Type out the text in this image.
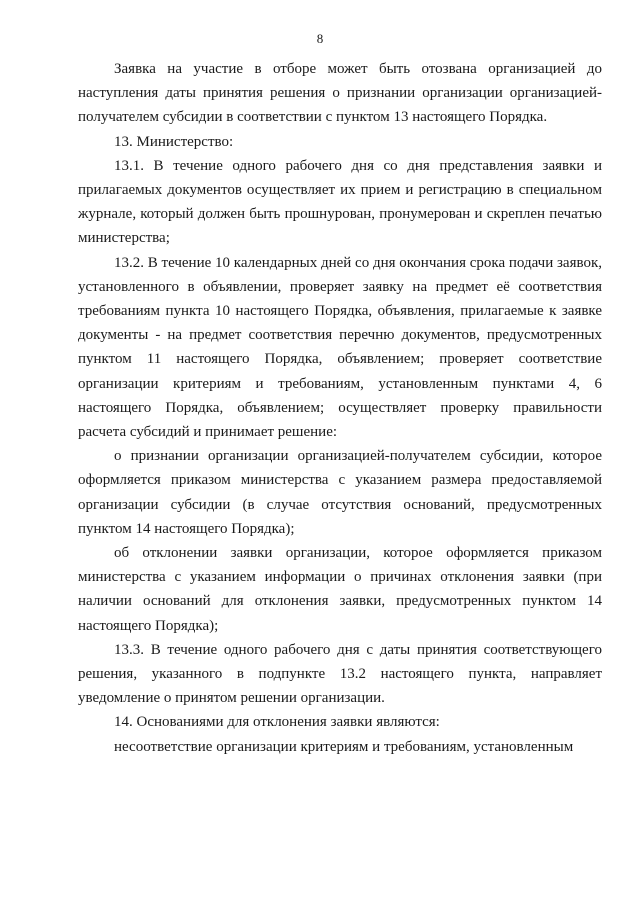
8

Заявка на участие в отборе может быть отозвана организацией до наступления даты принятия решения о признании организации организацией-получателем субсидии в соответствии с пунктом 13 настоящего Порядка.

13. Министерство:

13.1. В течение одного рабочего дня со дня представления заявки и прилагаемых документов осуществляет их прием и регистрацию в специальном журнале, который должен быть прошнурован, пронумерован и скреплен печатью министерства;

13.2. В течение 10 календарных дней со дня окончания срока подачи заявок, установленного в объявлении, проверяет заявку на предмет её соответствия требованиям пункта 10 настоящего Порядка, объявления, прилагаемые к заявке документы - на предмет соответствия перечню документов, предусмотренных пунктом 11 настоящего Порядка, объявлением; проверяет соответствие организации критериям и требованиям, установленным пунктами 4, 6 настоящего Порядка, объявлением; осуществляет проверку правильности расчета субсидий и принимает решение:

о признании организации организацией-получателем субсидии, которое оформляется приказом министерства с указанием размера предоставляемой организации субсидии (в случае отсутствия оснований, предусмотренных пунктом 14 настоящего Порядка);

об отклонении заявки организации, которое оформляется приказом министерства с указанием информации о причинах отклонения заявки (при наличии оснований для отклонения заявки, предусмотренных пунктом 14 настоящего Порядка);

13.3. В течение одного рабочего дня с даты принятия соответствующего решения, указанного в подпункте 13.2 настоящего пункта, направляет уведомление о принятом решении организации.

14. Основаниями для отклонения заявки являются:

несоответствие организации критериям и требованиям, установленным
